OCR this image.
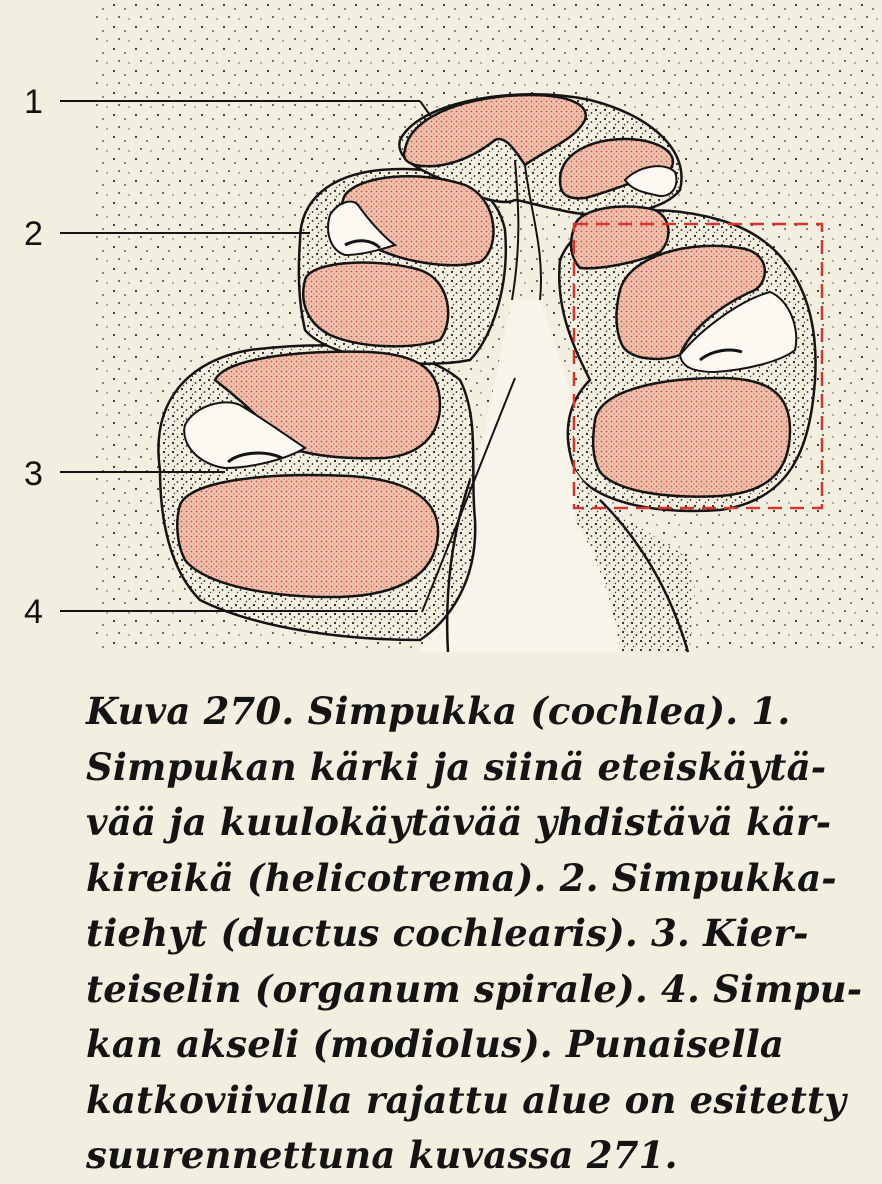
1
2
3
4
Kuva 270. Simpukka (cochlea). 1.
Simpukan kärki ja siinä eteiskäytä-
vää ja kuulokäytävää yhdistävä kär-
kireikä (helicotrema). 2. Simpukka-
tiehyt (ductus cochlearis). 3. Kier-
teiselin (organum spirale). 4. Simpu-
kan akseli (modiolus). Punaisella
katkoviivalla rajattu alue on esitetty
suurennettuna kuvassa 271.
